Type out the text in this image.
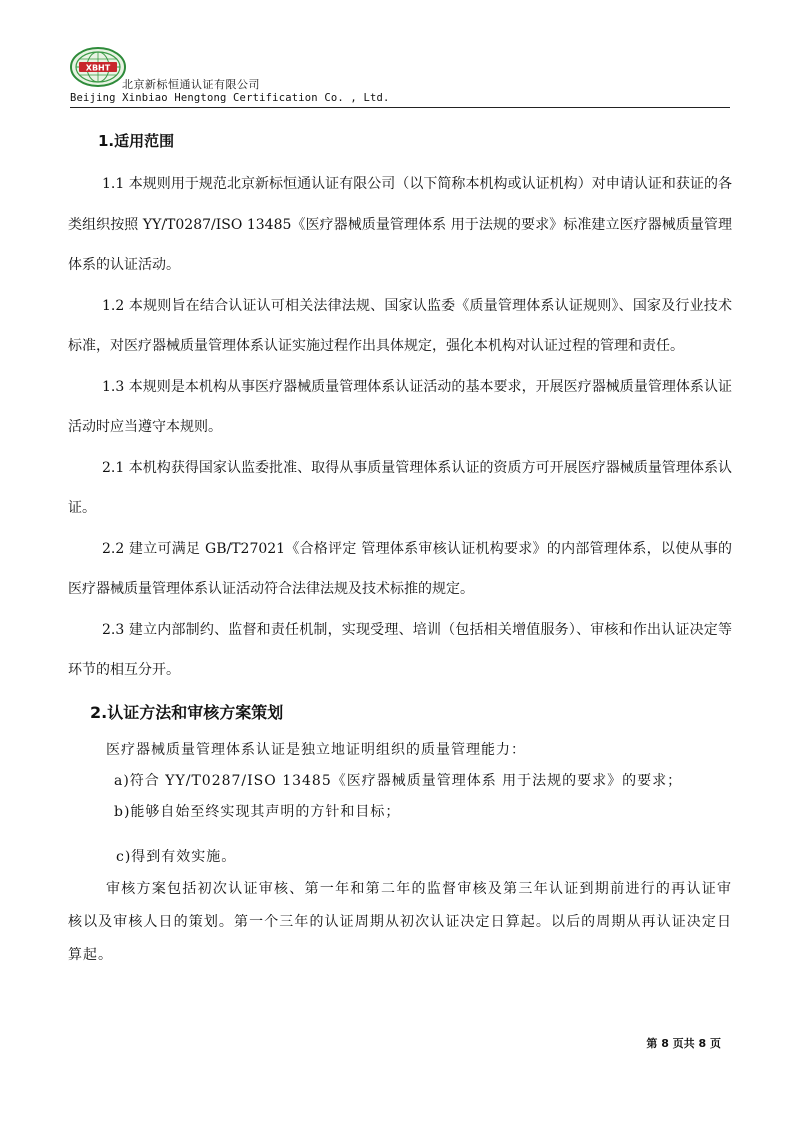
XBHT
北京新标恒通认证有限公司
Beijing Xinbiao Hengtong Certification Co. , Ltd.
1.适用范围

1.1 本规则用于规范北京新标恒通认证有限公司（以下简称本机构或认证机构）对申请认证和获证的各类组织按照 YY/T0287/ISO 13485《医疗器械质量管理体系 用于法规的要求》标准建立医疗器械质量管理体系的认证活动。

1.2 本规则旨在结合认证认可相关法律法规、国家认监委《质量管理体系认证规则》、国家及行业技术标准，对医疗器械质量管理体系认证实施过程作出具体规定，强化本机构对认证过程的管理和责任。

1.3 本规则是本机构从事医疗器械质量管理体系认证活动的基本要求，开展医疗器械质量管理体系认证活动时应当遵守本规则。

2.1 本机构获得国家认监委批准、取得从事质量管理体系认证的资质方可开展医疗器械质量管理体系认证。

2.2 建立可满足 GB/T27021《合格评定 管理体系审核认证机构要求》的内部管理体系，以使从事的医疗器械质量管理体系认证活动符合法律法规及技术标推的规定。

2.3 建立内部制约、监督和责任机制，实现受理、培训（包括相关增值服务）、审核和作出认证决定等环节的相互分开。

2.认证方法和审核方案策划

医疗器械质量管理体系认证是独立地证明组织的质量管理能力：

a)符合 YY/T0287/ISO 13485《医疗器械质量管理体系 用于法规的要求》的要求；

b)能够自始至终实现其声明的方针和目标；

c)得到有效实施。

审核方案包括初次认证审核、第一年和第二年的监督审核及第三年认证到期前进行的再认证审核以及审核人日的策划。第一个三年的认证周期从初次认证决定日算起。以后的周期从再认证决定日算起。

第 8 页共 8 页
